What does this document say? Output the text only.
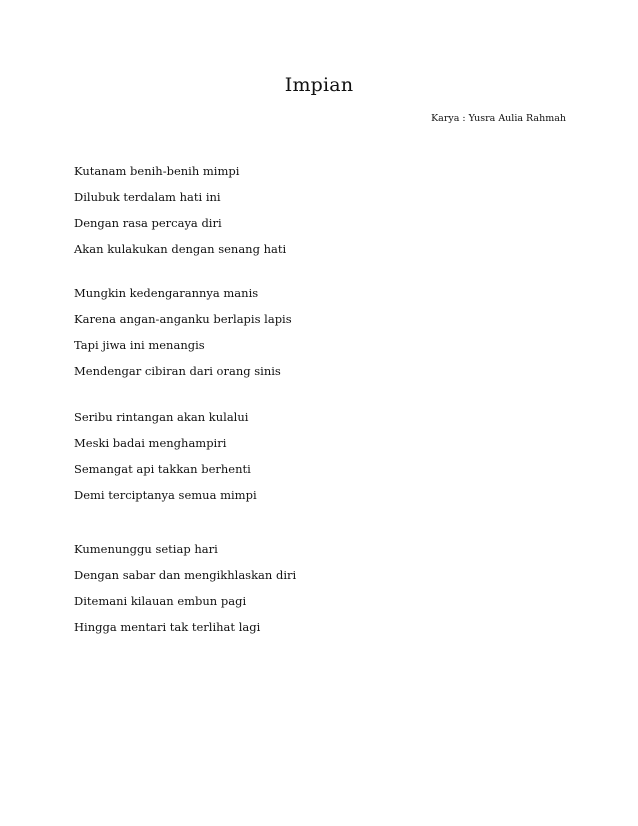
Impian
Karya : Yusra Aulia Rahmah
Kutanam benih-benih mimpi
Dilubuk terdalam hati ini
Dengan rasa percaya diri
Akan kulakukan dengan senang hati
Mungkin kedengarannya manis
Karena angan-anganku berlapis lapis
Tapi jiwa ini menangis
Mendengar cibiran dari orang sinis
Seribu rintangan akan kulalui
Meski badai menghampiri
Semangat api takkan berhenti
Demi terciptanya semua mimpi
Kumenunggu setiap hari
Dengan sabar dan mengikhlaskan diri
Ditemani kilauan embun pagi
Hingga mentari tak terlihat lagi
